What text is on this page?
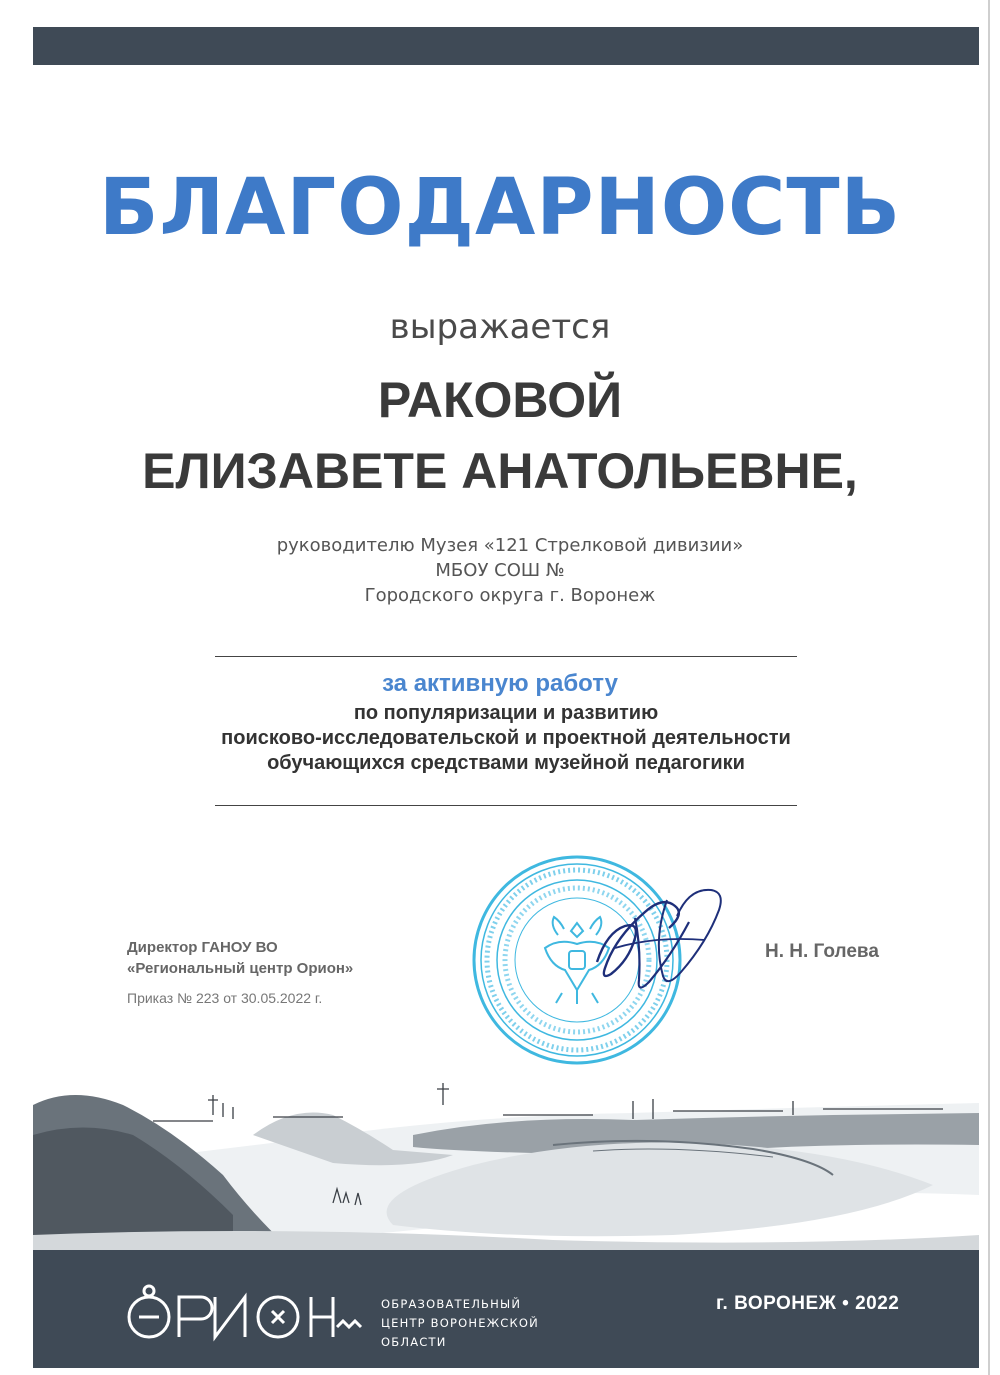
БЛАГОДАРНОСТЬ
выражается
РАКОВОЙ
ЕЛИЗАВЕТЕ АНАТОЛЬЕВНЕ,
руководителю Музея «121 Стрелковой дивизии»
МБОУ СОШ №
Городского округа г. Воронеж
за активную работу
по популяризации и развитию
поисково-исследовательской и проектной деятельности
обучающихся средствами музейной педагогики
Директор ГАНОУ ВО
«Региональный центр Орион»
Приказ № 223 от 30.05.2022 г.
Н. Н. Голева
ОБРАЗОВАТЕЛЬНЫЙ
ЦЕНТР ВОРОНЕЖСКОЙ
ОБЛАСТИ
г. ВОРОНЕЖ • 2022
